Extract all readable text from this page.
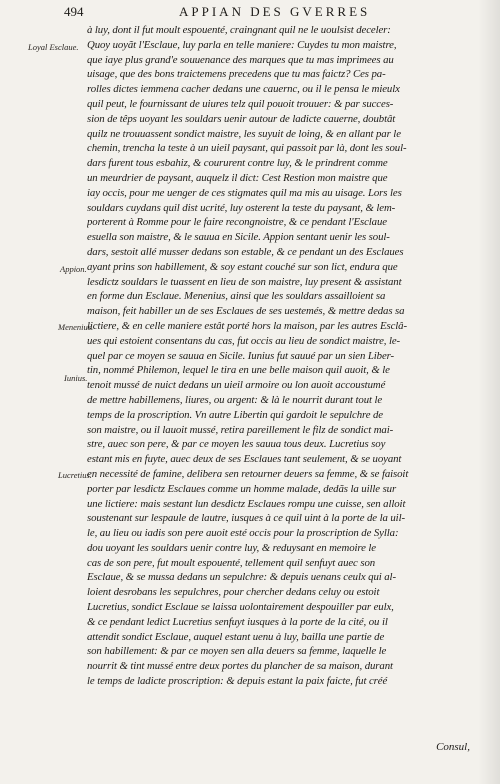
494	APPIAN DES GVERRES
Loyal Esclaue.
Appion.
Menenius.
Iunius.
Lucretius.
à luy, dont il fut moult espouenté, craingnant quil ne le uoulsist deceler:
Quoy uoyãt l'Esclaue, luy parla en telle maniere: Cuydes tu mon maistre,
que iaye plus grand'e souuenance des marques que tu mas imprimees au
uisage, que des bons traictemens precedens que tu mas faictz? Ces pa-
rolles dictes iemmena cacher dedans une cauernc, ou il le pensa le mieulx
quil peut, le fournissant de uiures telz quil pouoit trouuer: & par succes-
sion de têps uoyant les souldars uenir autour de ladicte cauerne, doubtât
quilz ne trouuassent sondict maistre, les suyuit de loing, & en allant par le
chemin, trencha la teste à un uieil paysant, qui passoit par là, dont les soul-
dars furent tous esbahiz, & coururent contre luy, & le prindrent comme
un meurdrier de paysant, auquelz il dict: Cest Restion mon maistre que
iay occis, pour me uenger de ces stigmates quil ma mis au uisage. Lors les
souldars cuydans quil dist ucrité, luy osterent la teste du paysant, & lem-
porterent à Romme pour le faire recongnoistre, & ce pendant l'Esclaue
esuella son maistre, & le sauua en Sicile. Appion sentant uenir les soul-
dars, sestoit allé musser dedans son estable, & ce pendant un des Esclaues
ayant prins son habillement, & soy estant couché sur son lict, endura que
lesdictz souldars le tuassent en lieu de son maistre, luy present & assistant
en forme dun Esclaue. Menenius, ainsi que les souldars assailloient sa
maison, feit habiller un de ses Esclaues de ses uestemés, & mettre dedas sa
lictiere, & en celle maniere estât porté hors la maison, par les autres Esclâ-
ues qui estoient consentans du cas, fut occis au lieu de sondict maistre, le-
quel par ce moyen se sauua en Sicile. Iunius fut sauué par un sien Liber-
tin, nommé Philemon, lequel le tira en une belle maison quil auoit, & le
tenoit mussé de nuict dedans un uieil armoire ou lon auoit accoustumé
de mettre habillemens, liures, ou argent: & là le nourrit durant tout le
temps de la proscription. Vn autre Libertin qui gardoit le sepulchre de
son maistre, ou il lauoit mussé, retira pareillement le filz de sondict mai-
stre, auec son pere, & par ce moyen les sauua tous deux. Lucretius soy
estant mis en fuyte, auec deux de ses Esclaues tant seulement, & se uoyant
en necessité de famine, delibera sen retourner deuers sa femme, & se faisoit
porter par lesdictz Esclaues comme un homme malade, dedãs la uille sur
une lictiere: mais sestant lun desdictz Esclaues rompu une cuisse, sen alloit
soustenant sur lespaule de lautre, iusques à ce quil uint à la porte de la uil-
le, au lieu ou iadis son pere auoit esté occis pour la proscription de Sylla:
dou uoyant les souldars uenir contre luy, & reduysant en memoire le
cas de son pere, fut moult espouenté, tellement quil senfuyt auec son
Esclaue, & se mussa dedans un sepulchre: & depuis uenans ceulx qui al-
loient desrobans les sepulchres, pour chercher dedans celuy ou estoit
Lucretius, sondict Esclaue se laissa uolontairement despouiller par eulx,
& ce pendant ledict Lucretius senfuyt iusques à la porte de la cité, ou il
attendit sondict Esclaue, auquel estant uenu à luy, bailla une partie de
son habillement: & par ce moyen sen alla deuers sa femme, laquelle le
nourrit & tint mussé entre deux portes du plancher de sa maison, durant
le temps de ladicte proscription: & depuis estant la paix faicte, fut créé
Consul,
